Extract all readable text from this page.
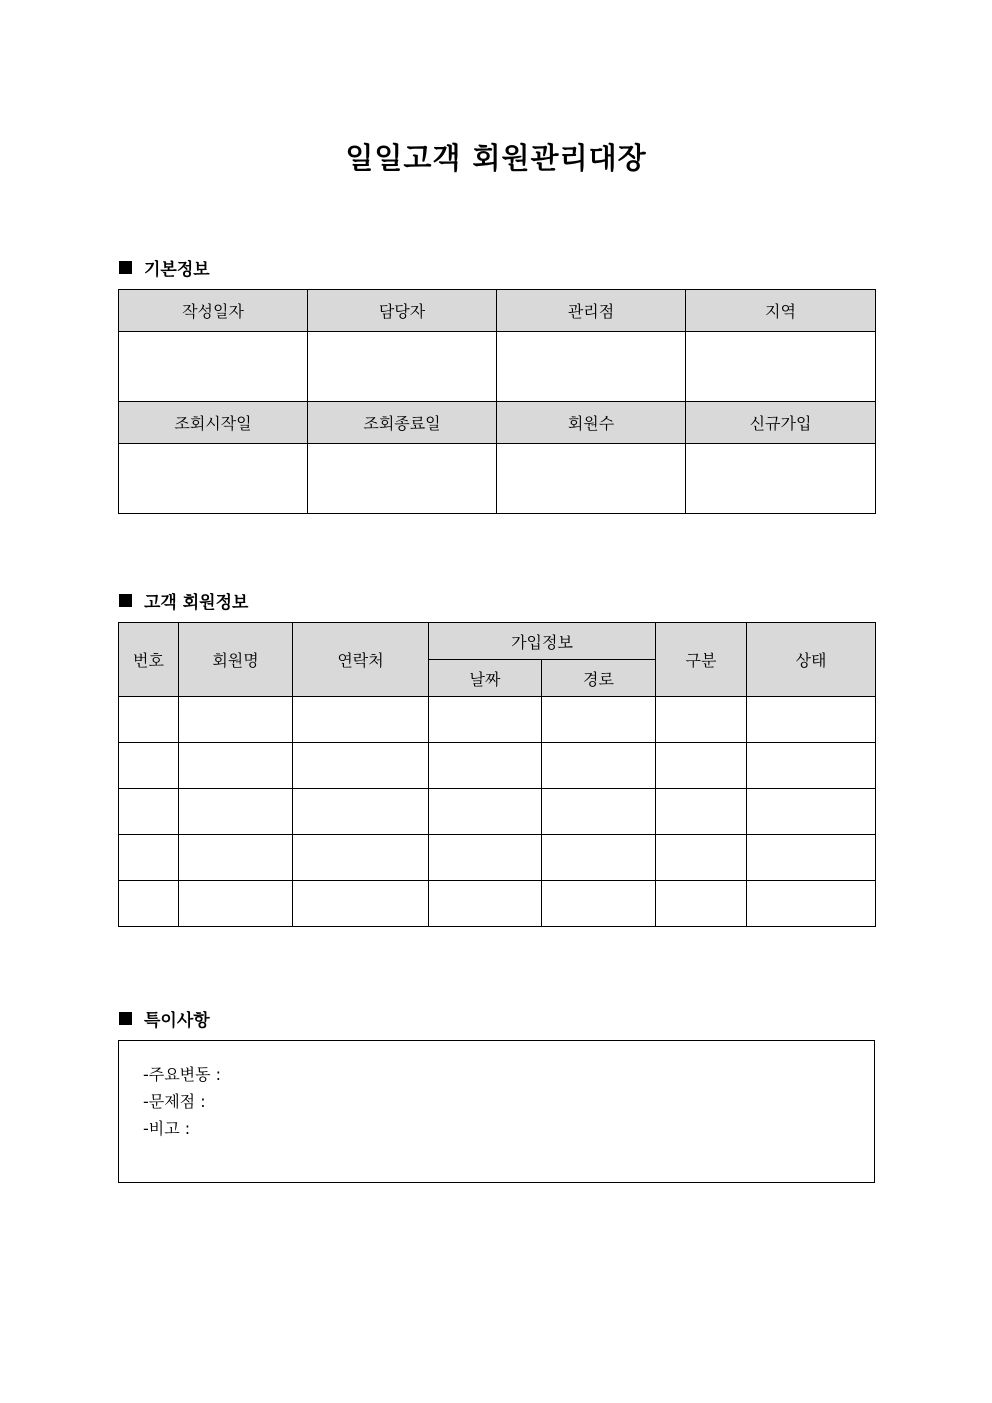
일일고객 회원관리대장
기본정보
작성일자	담당자	관리점	지역

조회시작일	조회종료일	회원수	신규가입

고객 회원정보
번호	회원명	연락처	가입정보		구분	상태
			날짜	경로		

특이사항
-주요변동 :
-문제점 :
-비고 :
